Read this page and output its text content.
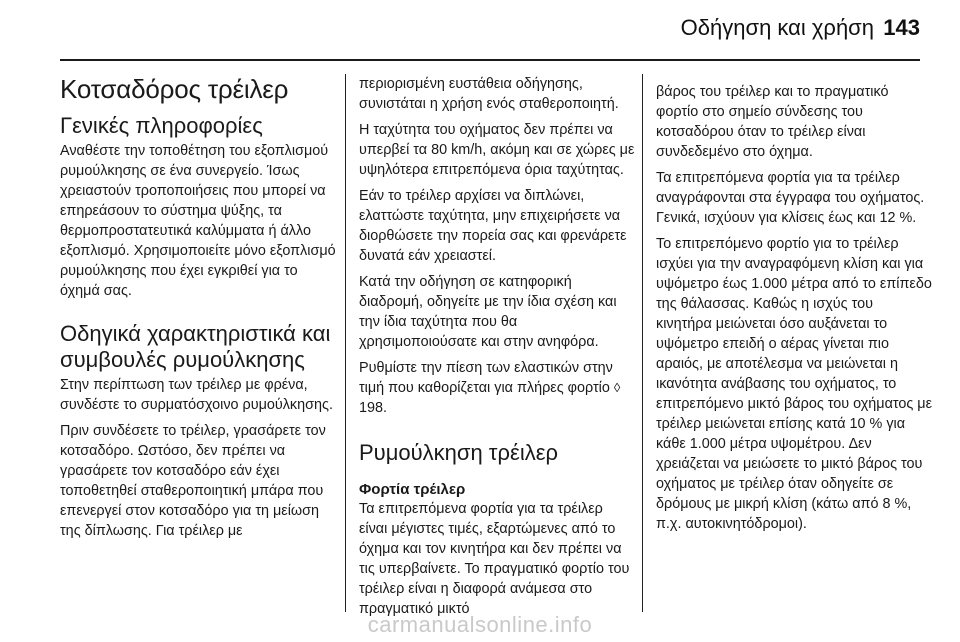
Οδήγηση και χρήση 143
Κοτσαδόρος τρέιλερ
Γενικές πληροφορίες

Αναθέστε την τοποθέτηση του εξοπλισμού ρυμούλκησης σε ένα συνεργείο. Ίσως χρειαστούν τροποποιήσεις που μπορεί να επηρεάσουν το σύστημα ψύξης, τα θερμοπροστατευτικά καλύμματα ή άλλο εξοπλισμό. Χρησιμοποιείτε μόνο εξοπλισμό ρυμούλκησης που έχει εγκριθεί για το όχημά σας.

Οδηγικά χαρακτηριστικά και συμβουλές ρυμούλκησης

Στην περίπτωση των τρέιλερ με φρένα, συνδέστε το συρματόσχοινο ρυμούλκησης.

Πριν συνδέσετε το τρέιλερ, γρασάρετε τον κοτσαδόρο. Ωστόσο, δεν πρέπει να γρασάρετε τον κοτσαδόρο εάν έχει τοποθετηθεί σταθεροποιητική μπάρα που επενεργεί στον κοτσαδόρο για τη μείωση της δίπλωσης. Για τρέιλερ με

περιορισμένη ευστάθεια οδήγησης, συνιστάται η χρήση ενός σταθεροποιητή.

Η ταχύτητα του οχήματος δεν πρέπει να υπερβεί τα 80 km/h, ακόμη και σε χώρες με υψηλότερα επιτρεπόμενα όρια ταχύτητας.

Εάν το τρέιλερ αρχίσει να διπλώνει, ελαττώστε ταχύτητα, μην επιχειρήσετε να διορθώσετε την πορεία σας και φρενάρετε δυνατά εάν χρειαστεί.

Κατά την οδήγηση σε κατηφορική διαδρομή, οδηγείτε με την ίδια σχέση και την ίδια ταχύτητα που θα χρησιμοποιούσατε και στην ανηφόρα.

Ρυθμίστε την πίεση των ελαστικών στην τιμή που καθορίζεται για πλήρες φορτίο ◊ 198.

Ρυμούλκηση τρέιλερ
Φορτία τρέιλερ

Τα επιτρεπόμενα φορτία για τα τρέιλερ είναι μέγιστες τιμές, εξαρτώμενες από το όχημα και τον κινητήρα και δεν πρέπει να τις υπερβαίνετε. Το πραγματικό φορτίο του τρέιλερ είναι η διαφορά ανάμεσα στο πραγματικό μικτό

βάρος του τρέιλερ και το πραγματικό φορτίο στο σημείο σύνδεσης του κοτσαδόρου όταν το τρέιλερ είναι συνδεδεμένο στο όχημα.

Τα επιτρεπόμενα φορτία για τα τρέιλερ αναγράφονται στα έγγραφα του οχήματος. Γενικά, ισχύουν για κλίσεις έως και 12 %.

Το επιτρεπόμενο φορτίο για το τρέιλερ ισχύει για την αναγραφόμενη κλίση και για υψόμετρο έως 1.000 μέτρα από το επίπεδο της θάλασσας. Καθώς η ισχύς του κινητήρα μειώνεται όσο αυξάνεται το υψόμετρο επειδή ο αέρας γίνεται πιο αραιός, με αποτέλεσμα να μειώνεται η ικανότητα ανάβασης του οχήματος, το επιτρεπόμενο μικτό βάρος του οχήματος με τρέιλερ μειώνεται επίσης κατά 10 % για κάθε 1.000 μέτρα υψομέτρου. Δεν χρειάζεται να μειώσετε το μικτό βάρος του οχήματος με τρέιλερ όταν οδηγείτε σε δρόμους με μικρή κλίση (κάτω από 8 %, π.χ. αυτοκινητόδρομοι).

carmanualsonline.info
